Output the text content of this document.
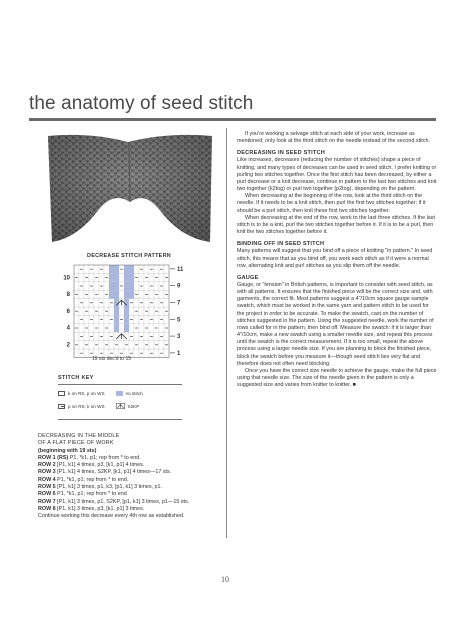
the anatomy of seed stitch
DECREASE STITCH PATTERN
10
8
6
4
2
11
9
7
5
3
1
19 sts dec'd to 15
STITCH KEY
k on RS, p on WS	no stitch
p on RS, k on WS	S2KP
DECREASING IN THE MIDDLE
OF A FLAT PIECE OF WORK
(beginning with 19 sts)
ROW 1 (RS) P1, *k1, p1; rep from * to end.
ROW 2 [P1, k1] 4 times, p3, [k1, p1] 4 times.
ROW 3 [P1, k1] 4 times, S2KP, [k1, p1] 4 times—17 sts.
ROW 4 P1, *k1, p1; rep from * to end.
ROW 5 [P1, k1] 3 times, p1, k3, [p1, k1] 3 times, p1.
ROW 6 P1, *k1, p1; rep from * to end
ROW 7 [P1, k1] 3 times, p1, S2KP, [p1, k1] 3 times, p1—15 sts.
ROW 8 [P1, k1] 3 times, p3, [k1, p1] 3 times.
Continue working this decrease every 4th row as established.

If you're working a selvage stitch at each side of your work, increase as mentioned; only look at the third stitch on the needle instead of the second stitch.

DECREASING IN SEED STITCH

Like increases, decreases (reducing the number of stitches) shape a piece of knitting, and many types of decreases can be used in seed stitch. I prefer knitting or purling two stitches together. Once the first stitch has been decreased, by either a purl decrease or a knit decrease, continue in pattern to the last two stitches and knit two together (k2tog) or purl two together (p2tog), depending on the pattern.

When decreasing at the beginning of the row, look at the third stitch on the needle. If it needs to be a knit stitch, then purl the first two stitches together; if it should be a purl stitch, then knit these first two stitches together.

When decreasing at the end of the row, work to the last three stitches. If the last stitch is to be a knit, purl the two stitches together before it. If it is to be a purl, then knit the two stitches together before it.

BINDING OFF IN SEED STITCH

Many patterns will suggest that you bind off a piece of knitting "in pattern." In seed stitch, this means that as you bind off, you work each stitch as if it were a normal row, alternating knit and purl stitches as you slip them off the needle.

GAUGE

Gauge, or "tension" in British patterns, is important to consider with seed stitch, as with all patterns. It ensures that the finished piece will be the correct size and, with garments, the correct fit. Most patterns suggest a 4"/10cm square gauge sample swatch, which must be worked in the same yarn and pattern stitch to be used for the project in order to be accurate. To make the swatch, cast on the number of stitches suggested in the pattern. Using the suggested needle, work the number of rows called for in the pattern, then bind off. Measure the swatch: if it is larger than 4"/10cm, make a new swatch using a smaller needle size, and repeat this process until the swatch is the correct measurement. If it is too small, repeat the above process using a larger needle size. If you are planning to block the finished piece, block the swatch before you measure it—though seed stitch lies very flat and therefore does not often need blocking.

Once you have the correct size needle to achieve the gauge, make the full piece using that needle size. The size of the needle given in the pattern is only a suggested size and varies from knitter to knitter. ■

10
